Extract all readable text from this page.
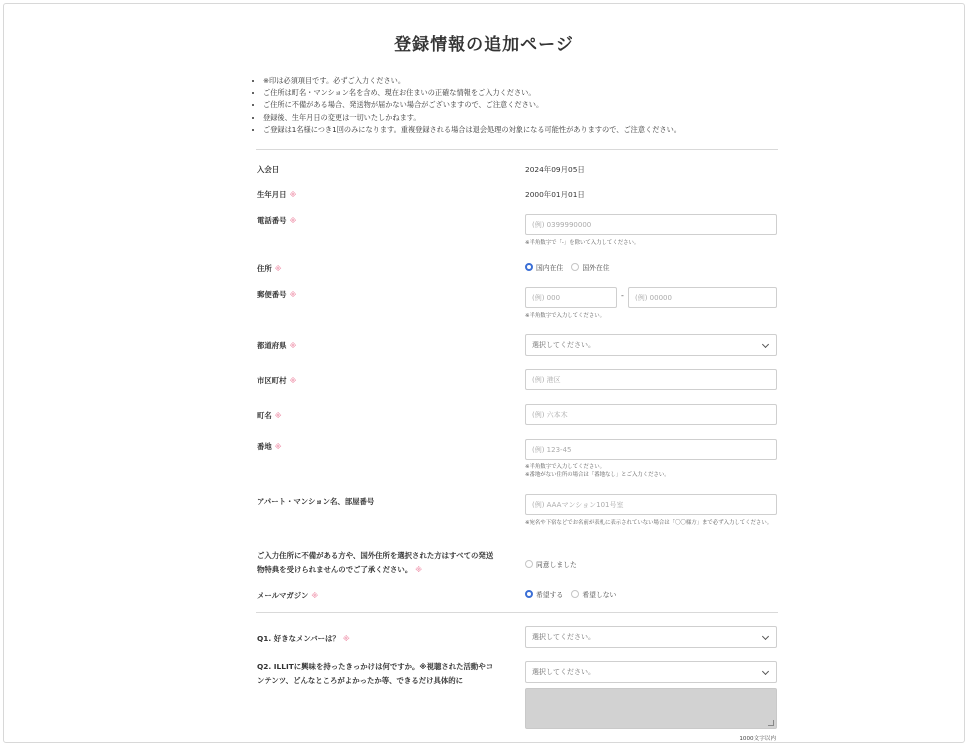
登録情報の追加ページ
• ※印は必須項目です。必ずご入力ください。
• ご住所は町名・マンション名を含め、現在お住まいの正確な情報をご入力ください。
• ご住所に不備がある場合、発送物が届かない場合がございますので、ご注意ください。
• 登録後、生年月日の変更は一切いたしかねます。
• ご登録は1名様につき1回のみになります。重複登録される場合は退会処理の対象になる可能性がありますので、ご注意ください。
入会日	2024年09月05日
生年月日 ※	2000年01月01日
電話番号 ※
(例) 0399990000
※半角数字で「-」を除いて入力してください。
住所 ※	国内在住	国外在住
郵便番号 ※
(例) 000	-
(例) 00000
※半角数字で入力してください。
都道府県 ※	選択してください。
市区町村 ※
(例) 港区
町名 ※
(例) 六本木
番地 ※
(例) 123-45
※半角数字で入力してください。
※番地がない住所の場合は「番地なし」とご入力ください。
アパート・マンション名、部屋番号
(例) AAAマンション101号室
※宛名や下宿などでお名前が表札に表示されていない場合は「〇〇様方」まで必ず入力してください。
ご入力住所に不備がある方や、国外住所を選択された方はすべての発送物特典を受けられませんのでご了承ください。 ※
同意しました
メールマガジン ※	希望する	希望しない
Q1. 好きなメンバーは？ ※	選択してください。
Q2. ILLITに興味を持ったきっかけは何ですか。※視聴された活動やコンテンツ、どんなところがよかったか等、できるだけ具体的に
選択してください。
1000文字以内
